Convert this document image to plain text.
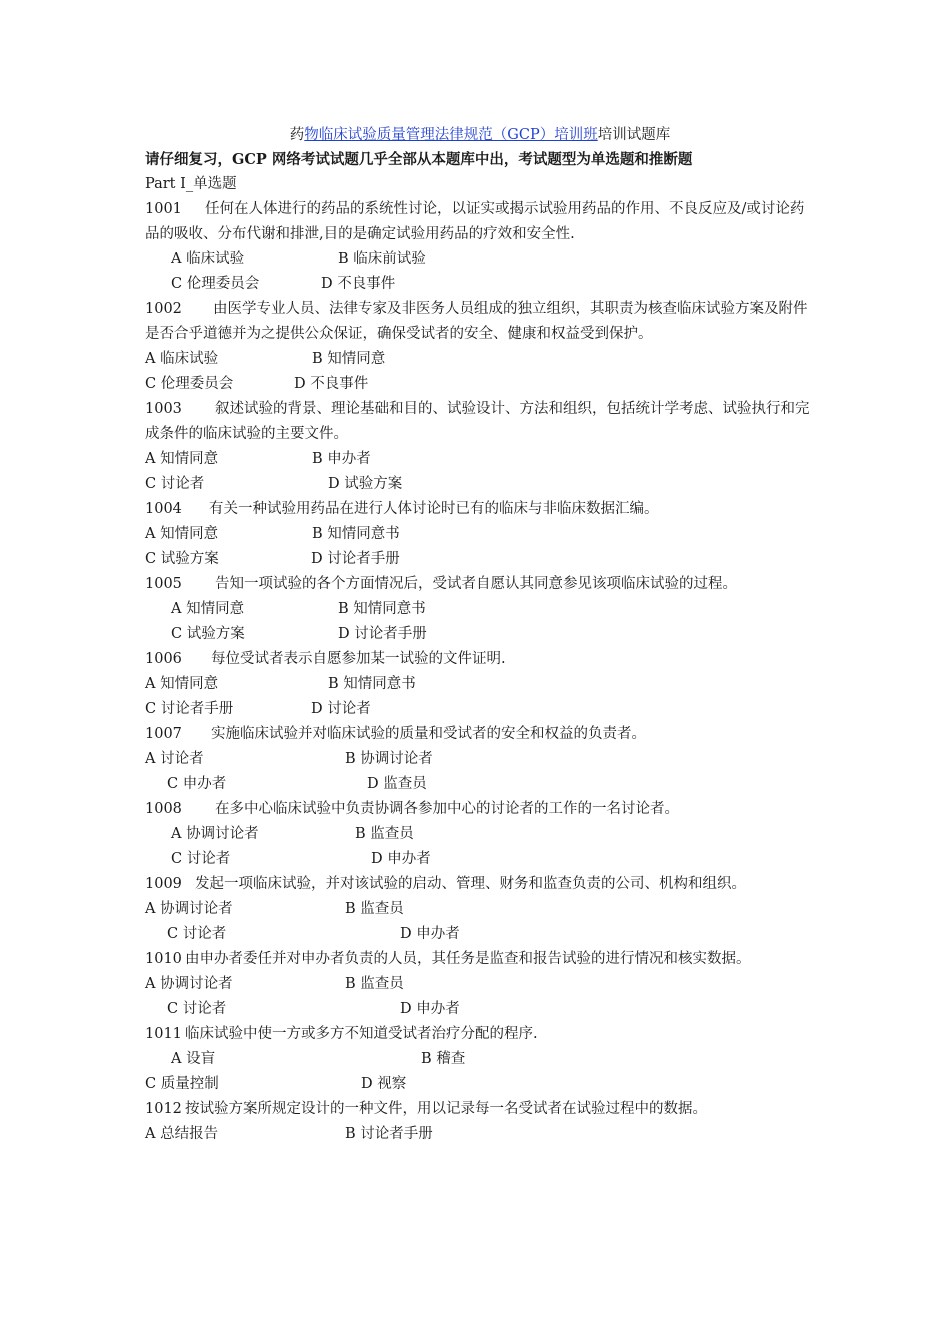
药物临床试验质量管理法律规范（GCP）培训班培训试题库
请仔细复习，GCP 网络考试试题几乎全部从本题库中出，考试题型为单选题和推断题
Part I_单选题
1001 任何在人体进行的药品的系统性讨论，以证实或揭示试验用药品的作用、不良反应及/或讨论药品的吸收、分布代谢和排泄,目的是确定试验用药品的疗效和安全性.
A 临床试验	B 临床前试验
C 伦理委员会	D 不良事件
1002 由医学专业人员、法律专家及非医务人员组成的独立组织，其职责为核查临床试验方案及附件是否合乎道德并为之提供公众保证，确保受试者的安全、健康和权益受到保护。
A 临床试验	B 知情同意
C 伦理委员会	D 不良事件
1003 叙述试验的背景、理论基础和目的、试验设计、方法和组织，包括统计学考虑、试验执行和完成条件的临床试验的主要文件。
A 知情同意	B 申办者
C 讨论者	D 试验方案
1004 有关一种试验用药品在进行人体讨论时已有的临床与非临床数据汇编。
A 知情同意	B 知情同意书
C 试验方案	D 讨论者手册
1005 告知一项试验的各个方面情况后，受试者自愿认其同意参见该项临床试验的过程。
A 知情同意	B 知情同意书
C 试验方案	D 讨论者手册
1006 每位受试者表示自愿参加某一试验的文件证明.
A 知情同意	B 知情同意书
C 讨论者手册	D 讨论者
1007 实施临床试验并对临床试验的质量和受试者的安全和权益的负责者。
A 讨论者	B 协调讨论者
C 申办者	D 监查员
1008 在多中心临床试验中负责协调各参加中心的讨论者的工作的一名讨论者。
A 协调讨论者	B 监查员
C 讨论者	D 申办者
1009 发起一项临床试验，并对该试验的启动、管理、财务和监查负责的公司、机构和组织。
A 协调讨论者	B 监查员
C 讨论者	D 申办者
1010 由申办者委任并对申办者负责的人员，其任务是监查和报告试验的进行情况和核实数据。
A 协调讨论者	B 监查员
C 讨论者	D 申办者
1011 临床试验中使一方或多方不知道受试者治疗分配的程序.
A 设盲	B 稽查
C 质量控制	D 视察
1012 按试验方案所规定设计的一种文件，用以记录每一名受试者在试验过程中的数据。
A 总结报告	B 讨论者手册
